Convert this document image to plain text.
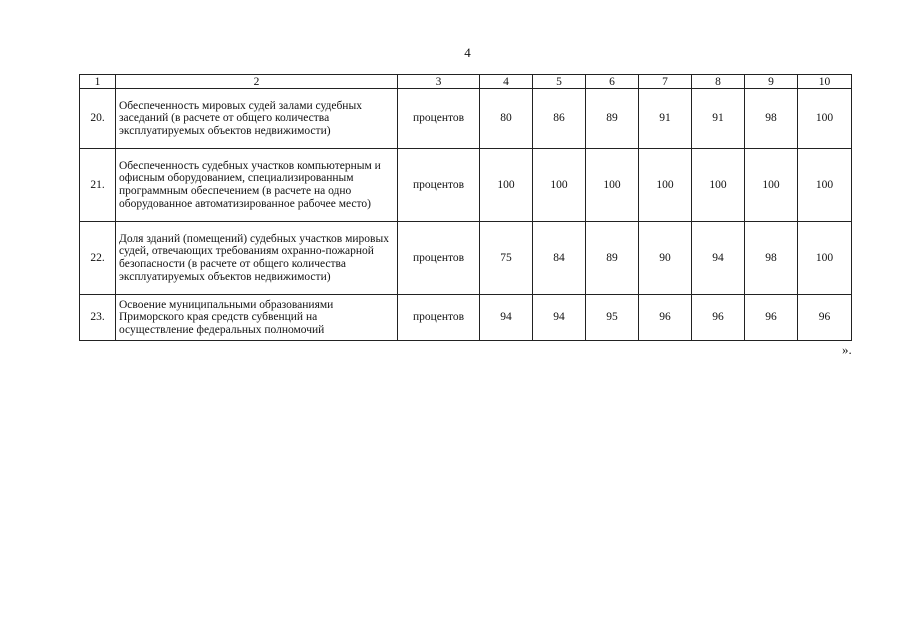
4
1	2	3	4	5	6	7	8	9	10
20.	Обеспеченность мировых судей залами судебных заседаний (в расчете от общего количества эксплуатируемых объектов недвижимости)	процентов	80	86	89	91	91	98	100
21.	Обеспеченность судебных участков компьютерным и офисным оборудованием, специализированным программным обеспечением (в расчете на одно оборудованное автоматизированное рабочее место)	процентов	100	100	100	100	100	100	100
22.	Доля зданий (помещений) судебных участков мировых судей, отвечающих требованиям охранно-пожарной безопасности (в расчете от общего количества эксплуатируемых объектов недвижимости)	процентов	75	84	89	90	94	98	100
23.	Освоение муниципальными образованиями Приморского края средств субвенций на осуществление федеральных полномочий	процентов	94	94	95	96	96	96	96
».
